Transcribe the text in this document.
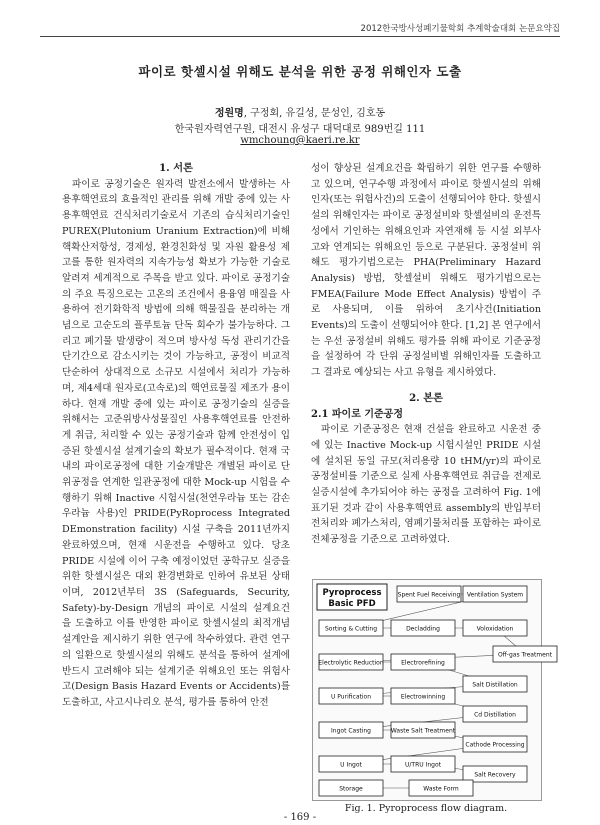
2012한국방사성폐기물학회 추계학술대회 논문요약집
파이로 핫셀시설 위해도 분석을 위한 공정 위해인자 도출
정원명, 구정회, 유길성, 문성인, 김호동
한국원자력연구원, 대전시 유성구 대덕대로 989번길 111
wmchoung@kaeri.re.kr

1. 서론

파이로 공정기술은 원자력 발전소에서 발생하는 사용후핵연료의 효율적인 관리를 위해 개발 중에 있는 사용후핵연료 건식처리기술로서 기존의 습식처리기술인 PUREX(Plutonium Uranium Extraction)에 비해 핵확산저항성, 경제성, 환경친화성 및 자원 활용성 제고를 통한 원자력의 지속가능성 확보가 가능한 기술로 알려져 세계적으로 주목을 받고 있다. 파이로 공정기술의 주요 특징으로는 고온의 조건에서 용융염 매질을 사용하여 전기화학적 방법에 의해 핵물질을 분리하는 개념으로 고순도의 플루토늄 단독 회수가 불가능하다. 그리고 폐기물 발생량이 적으며 방사성 독성 관리기간을 단기간으로 감소시키는 것이 가능하고, 공정이 비교적 단순하여 상대적으로 소규모 시설에서 처리가 가능하며, 제4세대 원자로(고속로)의 핵연료물질 제조가 용이하다. 현재 개발 중에 있는 파이로 공정기술의 실증을 위해서는 고준위방사성물질인 사용후핵연료를 안전하게 취급, 처리할 수 있는 공정기술과 함께 안전성이 입증된 핫셀시설 설계기술의 확보가 필수적이다. 현재 국내의 파이로공정에 대한 기술개발은 개별된 파이로 단위공정을 연계한 일관공정에 대한 Mock-up 시험을 수행하기 위해 Inactive 시험시설(천연우라늄 또는 감손우라늄 사용)인 PRIDE(PyRoprocess Integrated DEmonstration facility) 시설 구축을 2011년까지 완료하였으며, 현재 시운전을 수행하고 있다. 당초 PRIDE 시설에 이어 구축 예정이었던 공학규모 실증을 위한 핫셀시설은 대외 환경변화로 인하여 유보된 상태이며, 2012년부터 3S (Safeguards, Security, Safety)-by-Design 개념의 파이로 시설의 설계요건을 도출하고 이를 반영한 파이로 핫셀시설의 최적개념 설계안을 제시하기 위한 연구에 착수하였다. 관련 연구의 일환으로 핫셀시설의 위해도 분석을 통하여 설계에 반드시 고려해야 되는 설계기준 위해요인 또는 위험사고(Design Basis Hazard Events or Accidents)를 도출하고, 사고시나리오 분석, 평가를 통하여 안전

성이 향상된 설계요건을 확립하기 위한 연구를 수행하고 있으며, 연구수행 과정에서 파이로 핫셀시설의 위해인자(또는 위험사건)의 도출이 선행되어야 한다. 핫셀시설의 위해인자는 파이로 공정설비와 핫셀설비의 운전특성에서 기인하는 위해요인과 자연재해 등 시설 외부사고와 연계되는 위해요인 등으로 구분된다. 공정설비 위해도 평가기법으로는 PHA(Preliminary Hazard Analysis) 방법, 핫셀설비 위해도 평가기법으로는 FMEA(Failure Mode Effect Analysis) 방법이 주로 사용되며, 이를 위하여 초기사건(Initiation Events)의 도출이 선행되어야 한다. [1,2] 본 연구에서는 우선 공정설비 위해도 평가를 위해 파이로 기준공정을 설정하여 각 단위 공정설비별 위해인자를 도출하고 그 결과로 예상되는 사고 유형을 제시하였다.

2. 본론

2.1 파이로 기준공정

파이로 기준공정은 현재 건설을 완료하고 시운전 중에 있는 Inactive Mock-up 시험시설인 PRIDE 시설에 설치된 동일 규모(처리용량 10 tHM/yr)의 파이로 공정설비를 기준으로 실제 사용후핵연료 취급을 전제로 실증시설에 추가되어야 하는 공정을 고려하여 Fig. 1에 표기된 것과 같이 사용후핵연료 assembly의 반입부터 전처리와 폐가스처리, 염폐기물처리를 포함하는 파이로 전체공정을 기준으로 고려하였다.

Pyroprocess
Basic PFD
Spent Fuel Receiving Ventilation System
Sorting & Cutting	Decladding	Voloxidation
Off-gas Treatment
Electrolytic Reduction	Electrorefining
Salt Distillation
U Purification	Electrowinning
Cd Distillation
Ingot Casting	Waste Salt Treatment
Cathode Processing
U Ingot	U/TRU Ingot
Salt Recovery
Waste Form
Storage
Fig. 1. Pyroprocess flow diagram.
- 169 -
